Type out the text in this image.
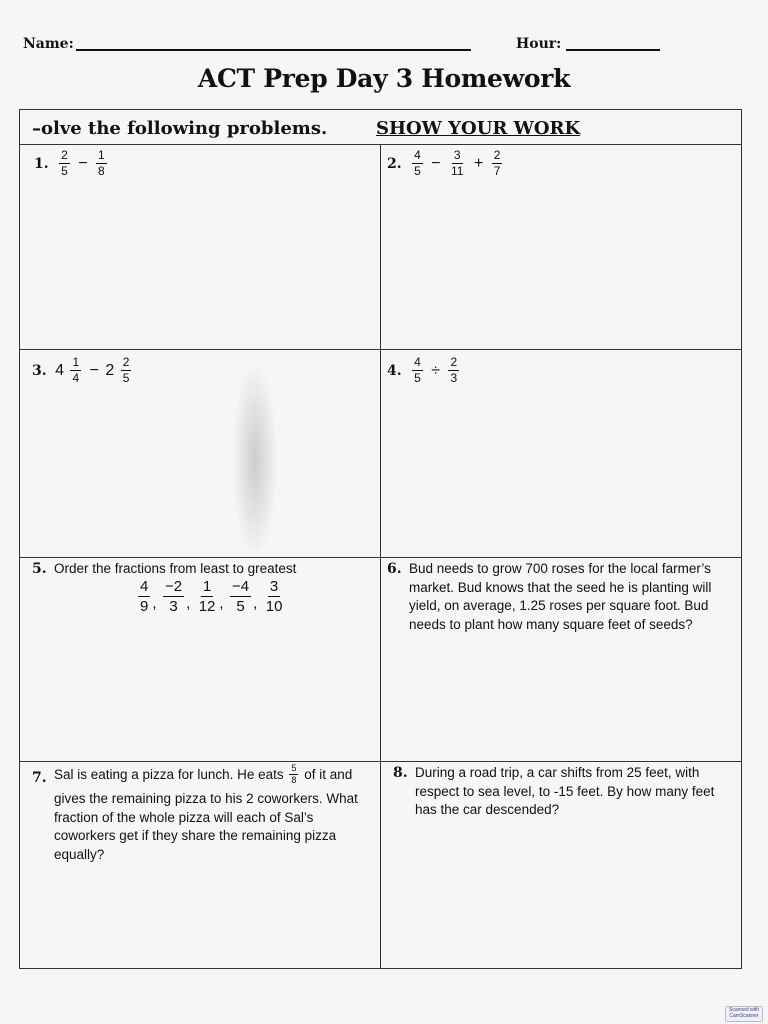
Name:	Hour:
ACT Prep Day 3 Homework
–olve the following problems.	SHOW YOUR WORK
1. $\frac{2}{5} - \frac{1}{8}$	2. $\frac{4}{5} - \frac{3}{11} + \frac{2}{7}$
3. $4 \frac{1}{4} - 2 \frac{2}{5}$	4. $\frac{4}{5} \div \frac{2}{3}$
5. Order the fractions from least to greatest
$\frac{4}{9}$ , $\frac{-2}{3}$ , $\frac{1}{12}$ , $\frac{-4}{5}$ , $\frac{3}{10}$
6. Bud needs to grow 700 roses for the local farmer’s market. Bud knows that the seed he is planting will yield, on average, 1.25 roses per square foot. Bud needs to plant how many square feet of seeds?
7. Sal is eating a pizza for lunch. He eats $\frac{5}{8}$ of it and
gives the remaining pizza to his 2 coworkers. What fraction of the whole pizza will each of Sal’s coworkers get if they share the remaining pizza equally?
8. During a road trip, a car shifts from 25 feet, with respect to sea level, to -15 feet. By how many feet has the car descended?
Scanned with
CamScanner
